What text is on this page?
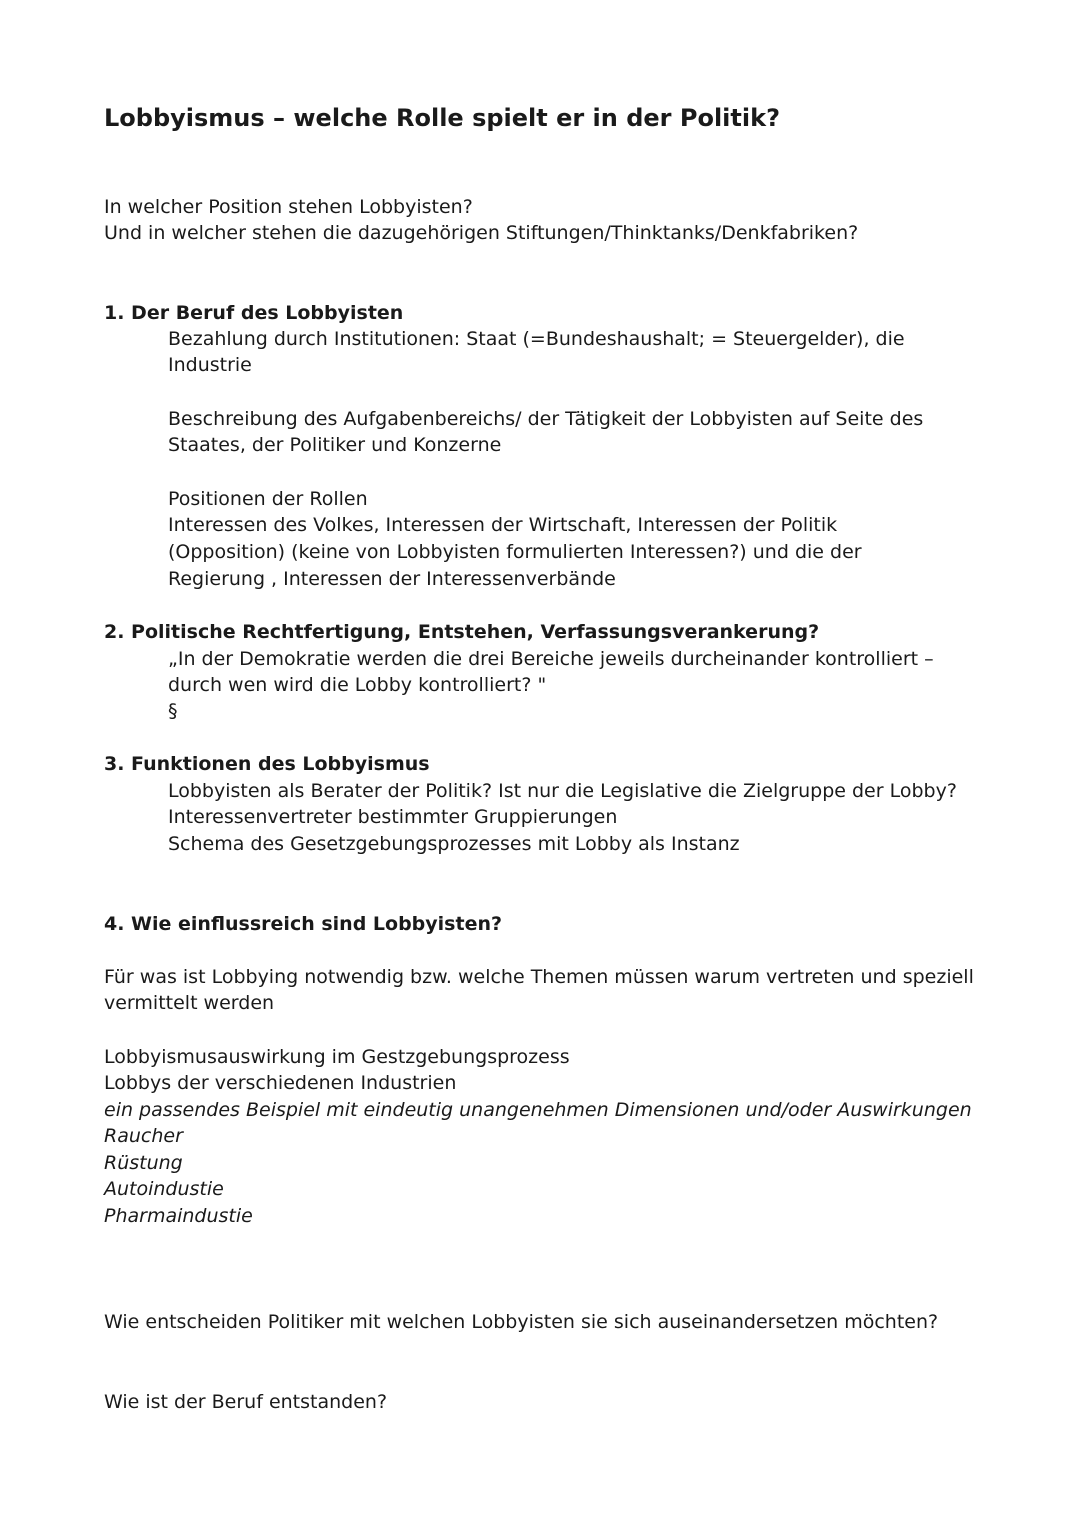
Lobbyismus – welche Rolle spielt er in der Politik?

In welcher Position stehen Lobbyisten?

Und in welcher stehen die dazugehörigen Stiftungen/Thinktanks/Denkfabriken?

1. Der Beruf des Lobbyisten

Bezahlung durch Institutionen: Staat (=Bundeshaushalt; = Steuergelder), die

Industrie

Beschreibung des Aufgabenbereichs/ der Tätigkeit der Lobbyisten auf Seite des

Staates, der Politiker und Konzerne

Positionen der Rollen

Interessen des Volkes, Interessen der Wirtschaft, Interessen der Politik

(Opposition) (keine von Lobbyisten formulierten Interessen?) und die der

Regierung , Interessen der Interessenverbände

2. Politische Rechtfertigung, Entstehen, Verfassungsverankerung?

„In der Demokratie werden die drei Bereiche jeweils durcheinander kontrolliert –

durch wen wird die Lobby kontrolliert? "

§

3. Funktionen des Lobbyismus

Lobbyisten als Berater der Politik? Ist nur die Legislative die Zielgruppe der Lobby?

Interessenvertreter bestimmter Gruppierungen

Schema des Gesetzgebungsprozesses mit Lobby als Instanz

4. Wie einflussreich sind Lobbyisten?

Für was ist Lobbying notwendig bzw. welche Themen müssen warum vertreten und speziell

vermittelt werden

Lobbyismusauswirkung im Gestzgebungsprozess

Lobbys der verschiedenen Industrien

ein passendes Beispiel mit eindeutig unangenehmen Dimensionen und/oder Auswirkungen

Raucher

Rüstung

Autoindustie

Pharmaindustie

Wie entscheiden Politiker mit welchen Lobbyisten sie sich auseinandersetzen möchten?

Wie ist der Beruf entstanden?
